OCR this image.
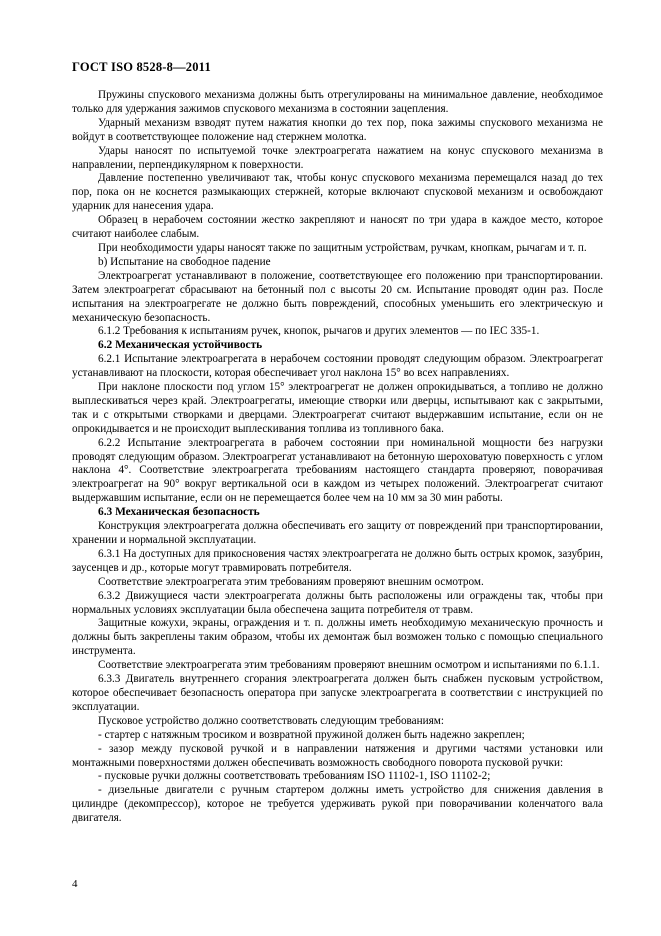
ГОСТ ISO 8528-8—2011

Пружины спускового механизма должны быть отрегулированы на минимальное давление, необходимое только для удержания зажимов спускового механизма в состоянии зацепления.

Ударный механизм взводят путем нажатия кнопки до тех пор, пока зажимы спускового механизма не войдут в соответствующее положение над стержнем молотка.

Удары наносят по испытуемой точке электроагрегата нажатием на конус спускового механизма в направлении, перпендикулярном к поверхности.

Давление постепенно увеличивают так, чтобы конус спускового механизма перемещался назад до тех пор, пока он не коснется размыкающих стержней, которые включают спусковой механизм и освобождают ударник для нанесения удара.

Образец в нерабочем состоянии жестко закрепляют и наносят по три удара в каждое место, которое считают наиболее слабым.

При необходимости удары наносят также по защитным устройствам, ручкам, кнопкам, рычагам и т. п.

b) Испытание на свободное падение

Электроагрегат устанавливают в положение, соответствующее его положению при транспортировании. Затем электроагрегат сбрасывают на бетонный пол с высоты 20 см. Испытание проводят один раз. После испытания на электроагрегате не должно быть повреждений, способных уменьшить его электрическую и механическую безопасность.

6.1.2 Требования к испытаниям ручек, кнопок, рычагов и других элементов — по IEC 335-1.

6.2 Механическая устойчивость

6.2.1 Испытание электроагрегата в нерабочем состоянии проводят следующим образом. Электроагрегат устанавливают на плоскости, которая обеспечивает угол наклона 15° во всех направлениях.

При наклоне плоскости под углом 15° электроагрегат не должен опрокидываться, а топливо не должно выплескиваться через край. Электроагрегаты, имеющие створки или дверцы, испытывают как с закрытыми, так и с открытыми створками и дверцами. Электроагрегат считают выдержавшим испытание, если он не опрокидывается и не происходит выплескивания топлива из топливного бака.

6.2.2 Испытание электроагрегата в рабочем состоянии при номинальной мощности без нагрузки проводят следующим образом. Электроагрегат устанавливают на бетонную шероховатую поверхность с углом наклона 4°. Соответствие электроагрегата требованиям настоящего стандарта проверяют, поворачивая электроагрегат на 90° вокруг вертикальной оси в каждом из четырех положений. Электроагрегат считают выдержавшим испытание, если он не перемещается более чем на 10 мм за 30 мин работы.

6.3 Механическая безопасность

Конструкция электроагрегата должна обеспечивать его защиту от повреждений при транспортировании, хранении и нормальной эксплуатации.

6.3.1 На доступных для прикосновения частях электроагрегата не должно быть острых кромок, зазубрин, заусенцев и др., которые могут травмировать потребителя.

Соответствие электроагрегата этим требованиям проверяют внешним осмотром.

6.3.2 Движущиеся части электроагрегата должны быть расположены или ограждены так, чтобы при нормальных условиях эксплуатации была обеспечена защита потребителя от травм.

Защитные кожухи, экраны, ограждения и т. п. должны иметь необходимую механическую прочность и должны быть закреплены таким образом, чтобы их демонтаж был возможен только с помощью специального инструмента.

Соответствие электроагрегата этим требованиям проверяют внешним осмотром и испытаниями по 6.1.1.

6.3.3 Двигатель внутреннего сгорания электроагрегата должен быть снабжен пусковым устройством, которое обеспечивает безопасность оператора при запуске электроагрегата в соответствии с инструкцией по эксплуатации.

Пусковое устройство должно соответствовать следующим требованиям:

- стартер с натяжным тросиком и возвратной пружиной должен быть надежно закреплен;

- зазор между пусковой ручкой и в направлении натяжения и другими частями установки или монтажными поверхностями должен обеспечивать возможность свободного поворота пусковой ручки:

- пусковые ручки должны соответствовать требованиям ISO 11102-1, ISO 11102-2;

- дизельные двигатели с ручным стартером должны иметь устройство для снижения давления в цилиндре (декомпрессор), которое не требуется удерживать рукой при поворачивании коленчатого вала двигателя.

4
